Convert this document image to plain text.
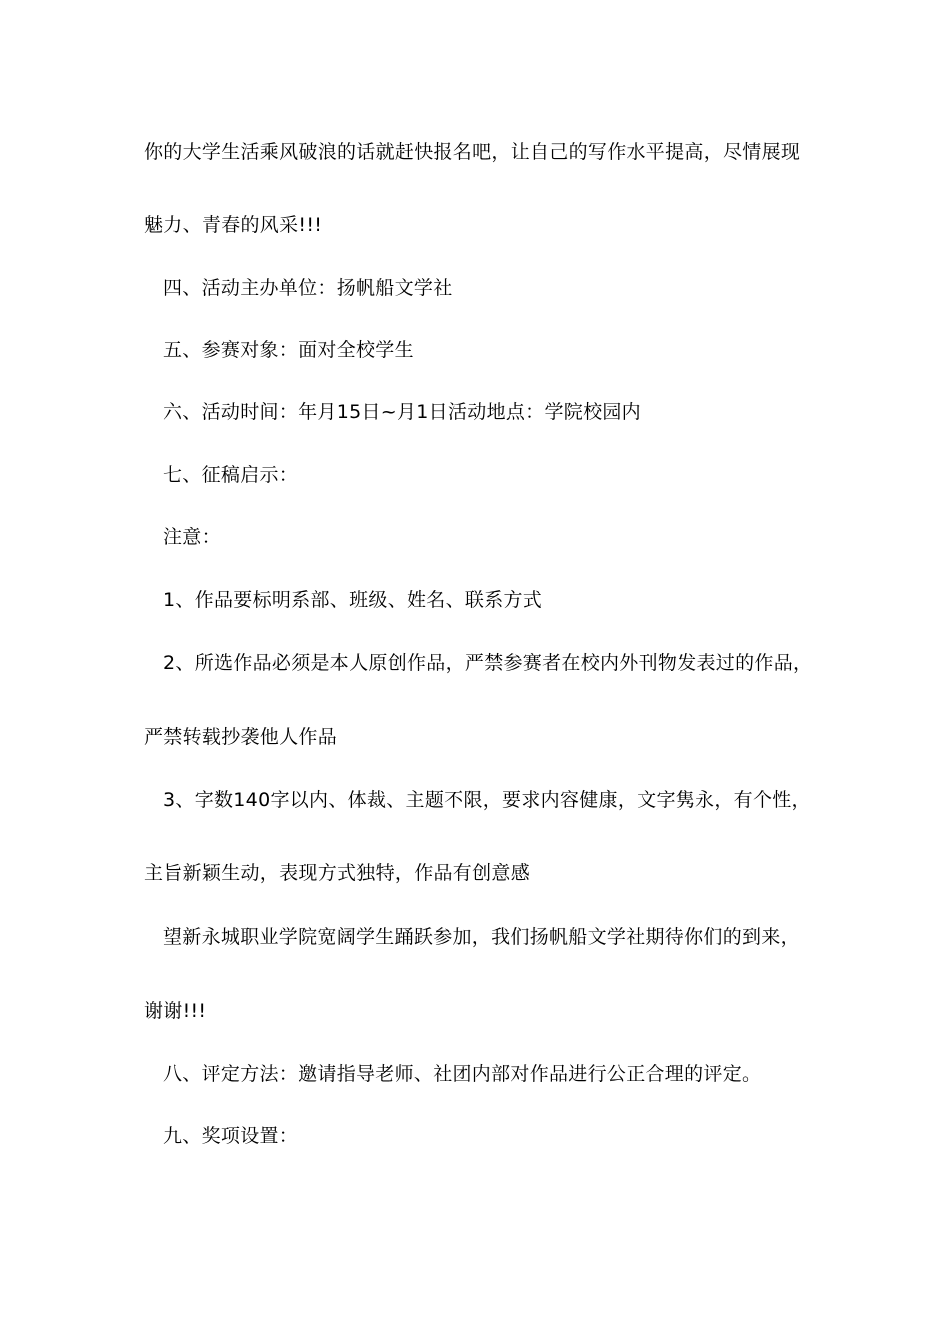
你的大学生活乘风破浪的话就赶快报名吧，让自己的写作水平提高，尽情展现
魅力、青春的风采!!!
四、活动主办单位：扬帆船文学社
五、参赛对象：面对全校学生
六、活动时间：年月15日~月1日活动地点：学院校园内
七、征稿启示：
注意：
1、作品要标明系部、班级、姓名、联系方式
2、所选作品必须是本人原创作品，严禁参赛者在校内外刊物发表过的作品，
严禁转载抄袭他人作品
3、字数140字以内、体裁、主题不限，要求内容健康，文字隽永，有个性，
主旨新颖生动，表现方式独特，作品有创意感
望新永城职业学院宽阔学生踊跃参加，我们扬帆船文学社期待你们的到来，
谢谢!!!
八、评定方法：邀请指导老师、社团内部对作品进行公正合理的评定。
九、奖项设置：
